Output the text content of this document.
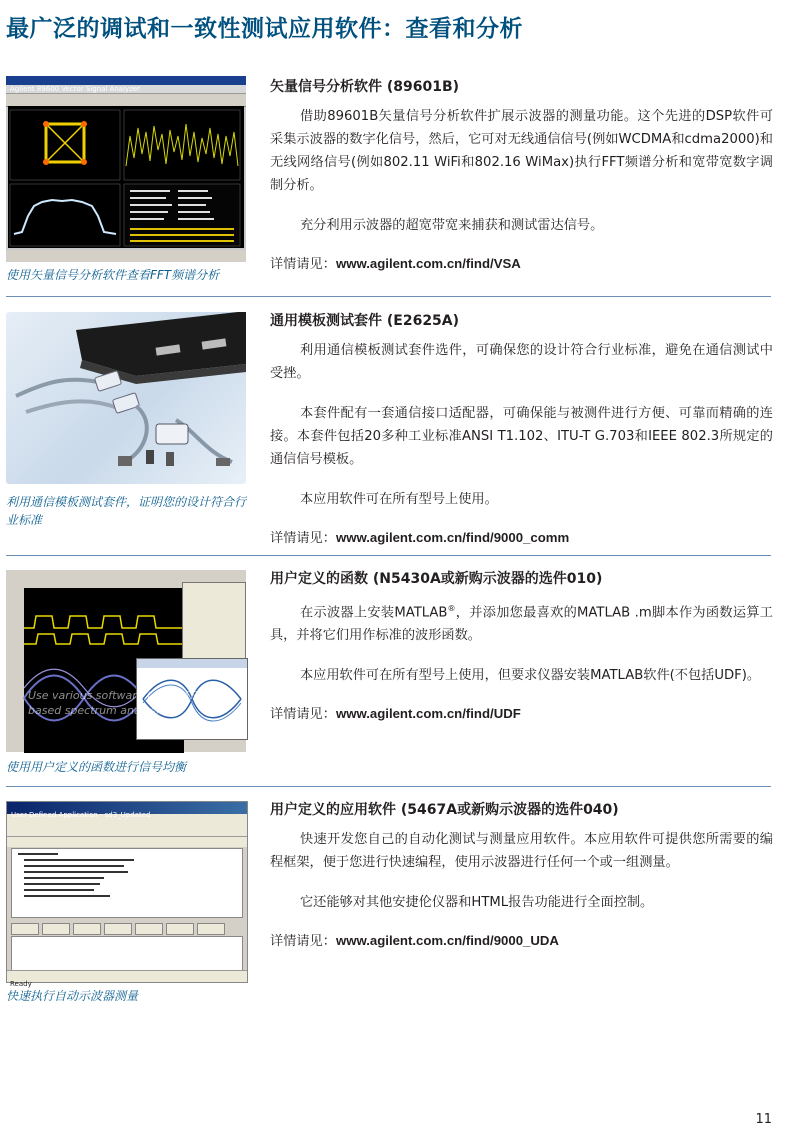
最广泛的调试和一致性测试应用软件：查看和分析
Agilent 89600 Vector Signal Analyzer
使用矢量信号分析软件查看FFT频谱分析
矢量信号分析软件 (89601B)

借助89601B矢量信号分析软件扩展示波器的测量功能。这个先进的DSP软件可采集示波器的数字化信号，然后，它可对无线通信信号(例如WCDMA和cdma2000)和无线网络信号(例如802.11 WiFi和802.16 WiMax)执行FFT频谱分析和宽带宽数字调制分析。

充分利用示波器的超宽带宽来捕获和测试雷达信号。

详情请见：www.agilent.com.cn/find/VSA

利用通信模板测试套件，证明您的设计符合行业标准
通用模板测试套件 (E2625A)

利用通信模板测试套件选件，可确保您的设计符合行业标准，避免在通信测试中受挫。

本套件配有一套通信接口适配器，可确保能与被测件进行方便、可靠而精确的连接。本套件包括20多种工业标准ANSI T1.102、ITU-T G.703和IEEE 802.3所规定的通信信号模板。

本应用软件可在所有型号上使用。

详情请见：www.agilent.com.cn/find/9000_comm

Use various software to see FFT-based spectrum analysis
使用用户定义的函数进行信号均衡
用户定义的函数 (N5430A或新购示波器的选件010)

在示波器上安装MATLAB®，并添加您最喜欢的MATLAB .m脚本作为函数运算工具，并将它们用作标准的波形函数。

本应用软件可在所有型号上使用，但要求仪器安装MATLAB软件(不包括UDF)。

详情请见：www.agilent.com.cn/find/UDF

User-Defined Application - sd3_Updated
Ready
快速执行自动示波器测量
用户定义的应用软件 (5467A或新购示波器的选件040)

快速开发您自己的自动化测试与测量应用软件。本应用软件可提供您所需要的编程框架，便于您进行快速编程，使用示波器进行任何一个或一组测量。

它还能够对其他安捷伦仪器和HTML报告功能进行全面控制。

详情请见：www.agilent.com.cn/find/9000_UDA

11
